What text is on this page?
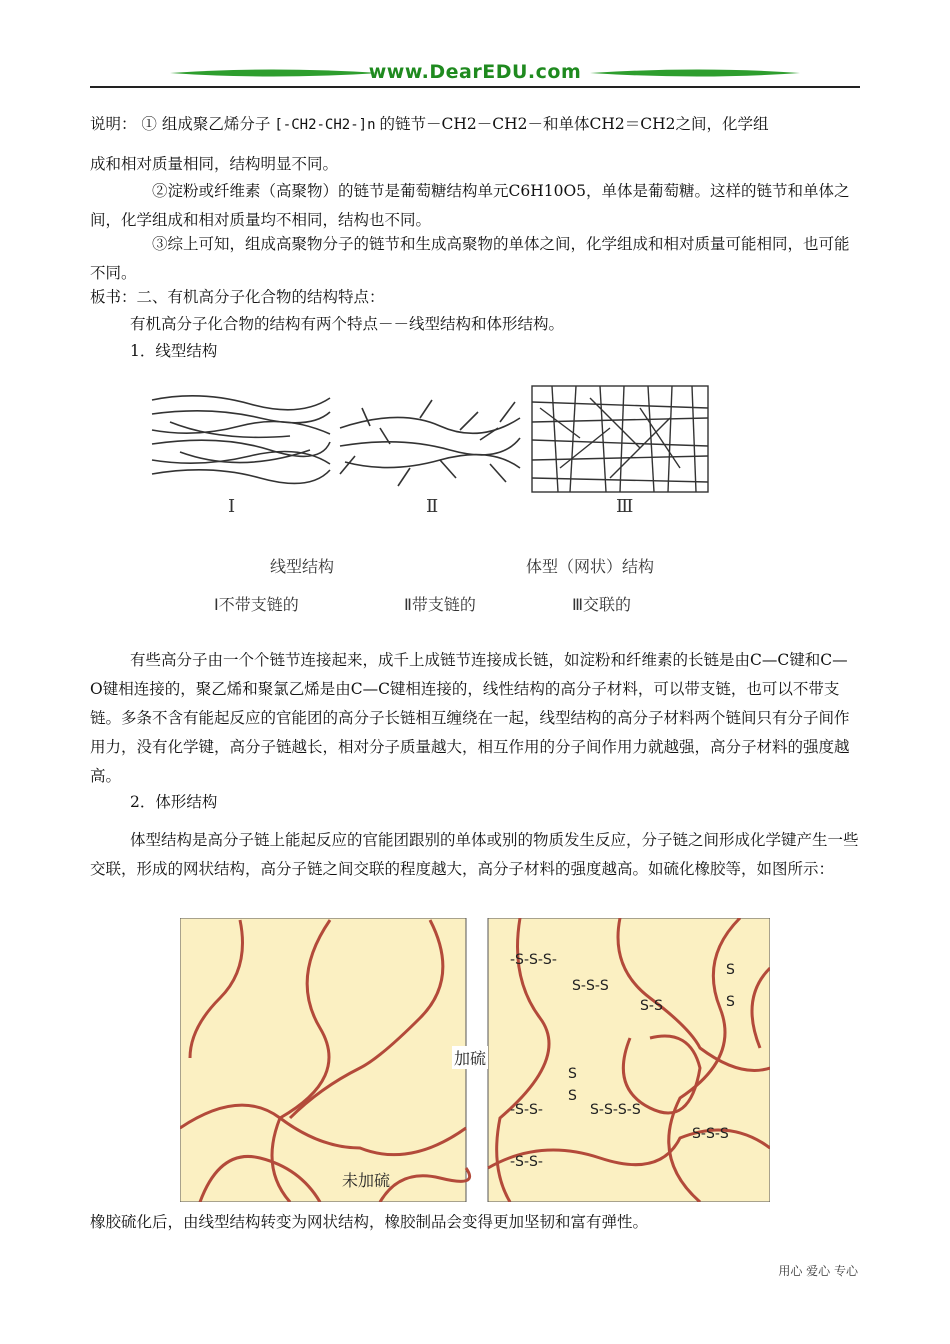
www.DearEDU.com
说明： ① 组成聚乙烯分子 [-CH2-CH2-]n 的链节－CH2－CH2－和单体CH2＝CH2之间，化学组
成和相对质量相同，结构明显不同。
②淀粉或纤维素（高聚物）的链节是葡萄糖结构单元C6H10O5，单体是葡萄糖。这样的链节和单体之间，化学组成和相对质量均不相同，结构也不同。
③综上可知，组成高聚物分子的链节和生成高聚物的单体之间，化学组成和相对质量可能相同，也可能不同。
板书：二、有机高分子化合物的结构特点：
有机高分子化合物的结构有两个特点－－线型结构和体形结构。
1．线型结构
Ⅰ	Ⅱ	Ⅲ
线型结构	体型（网状）结构
Ⅰ不带支链的	Ⅱ带支链的	Ⅲ交联的
有些高分子由一个个链节连接起来，成千上成链节连接成长链，如淀粉和纤维素的长链是由C—C键和C—O键相连接的，聚乙烯和聚氯乙烯是由C—C键相连接的，线性结构的高分子材料，可以带支链，也可以不带支链。多条不含有能起反应的官能团的高分子长链相互缠绕在一起，线型结构的高分子材料两个链间只有分子间作用力，没有化学键，高分子链越长，相对分子质量越大，相互作用的分子间作用力就越强，高分子材料的强度越高。
2．体形结构
体型结构是高分子链上能起反应的官能团跟别的单体或别的物质发生反应，分子链之间形成化学键产生一些交联，形成的网状结构，高分子链之间交联的程度越大，高分子材料的强度越高。如硫化橡胶等，如图所示：
加硫
未加硫
-S-S-S-
S-S-S
S-S
S
S
S
S
-S-S-	S-S-S-S
S-S-S
-S-S-
橡胶硫化后，由线型结构转变为网状结构，橡胶制品会变得更加坚韧和富有弹性。
用心 爱心 专心
